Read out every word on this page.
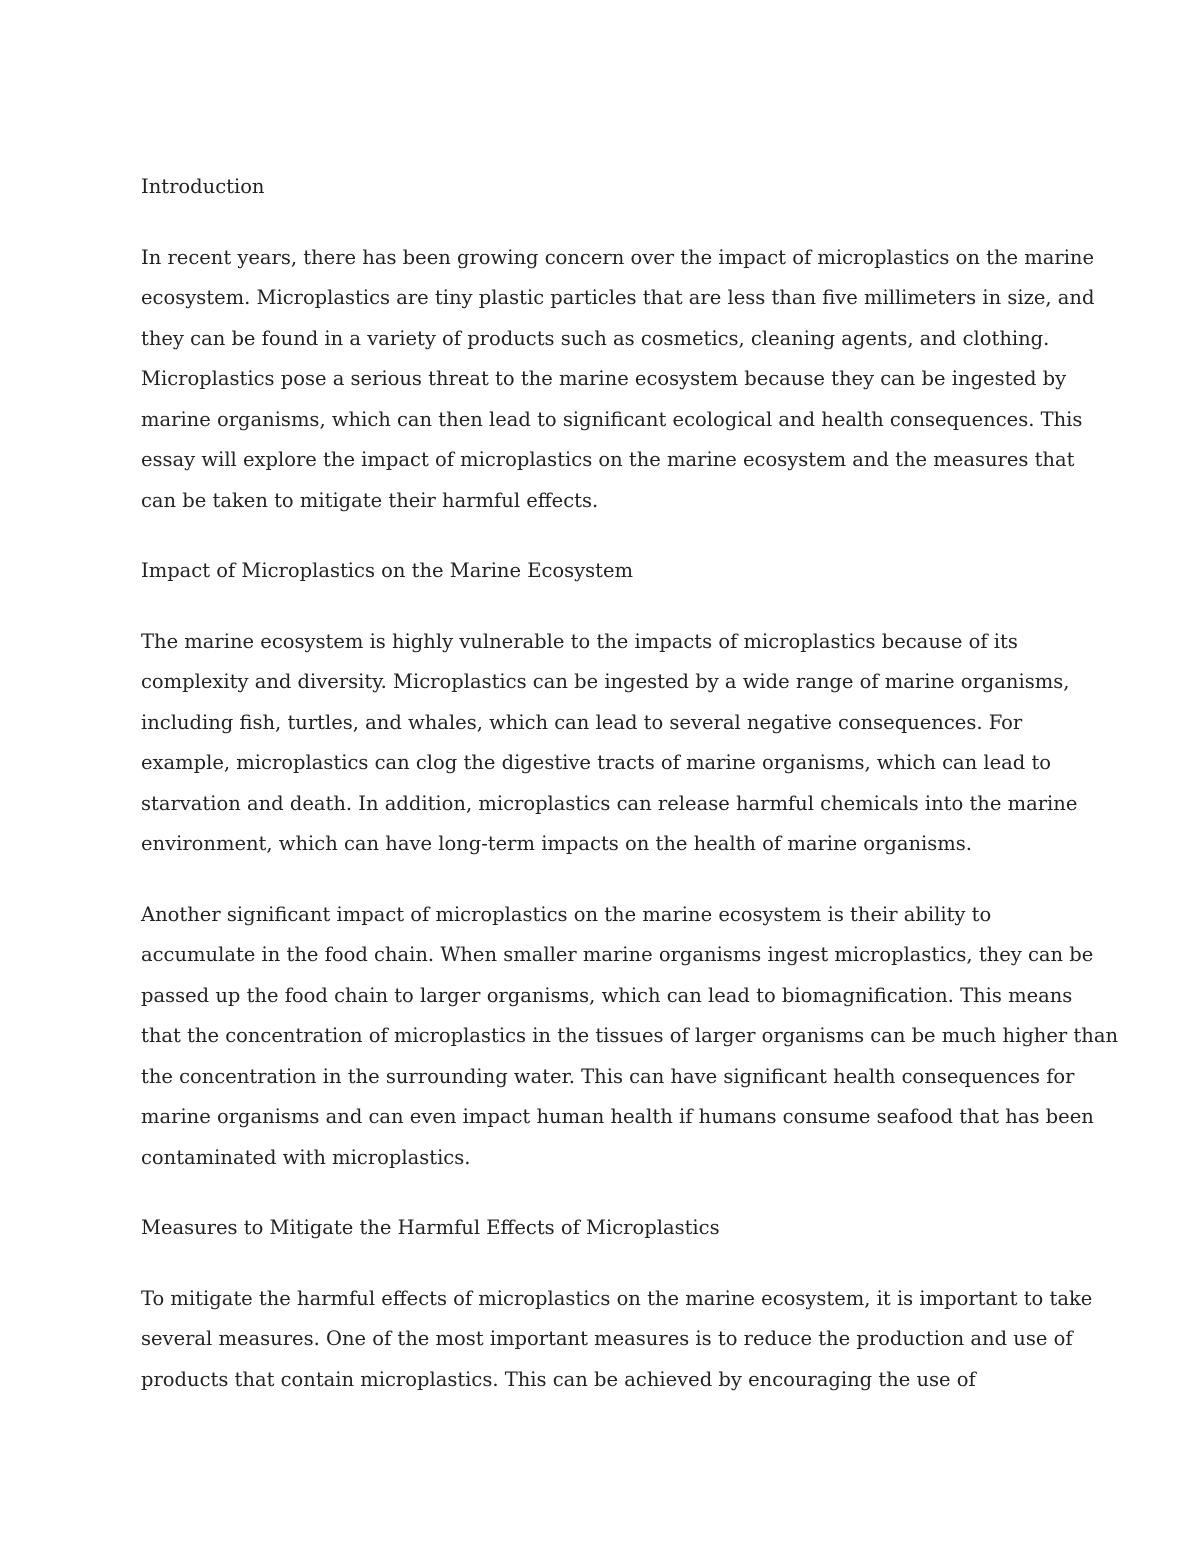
Introduction
In recent years, there has been growing concern over the impact of microplastics on the marine
ecosystem. Microplastics are tiny plastic particles that are less than five millimeters in size, and
they can be found in a variety of products such as cosmetics, cleaning agents, and clothing.
Microplastics pose a serious threat to the marine ecosystem because they can be ingested by
marine organisms, which can then lead to significant ecological and health consequences. This
essay will explore the impact of microplastics on the marine ecosystem and the measures that
can be taken to mitigate their harmful effects.
Impact of Microplastics on the Marine Ecosystem
The marine ecosystem is highly vulnerable to the impacts of microplastics because of its
complexity and diversity. Microplastics can be ingested by a wide range of marine organisms,
including fish, turtles, and whales, which can lead to several negative consequences. For
example, microplastics can clog the digestive tracts of marine organisms, which can lead to
starvation and death. In addition, microplastics can release harmful chemicals into the marine
environment, which can have long-term impacts on the health of marine organisms.
Another significant impact of microplastics on the marine ecosystem is their ability to
accumulate in the food chain. When smaller marine organisms ingest microplastics, they can be
passed up the food chain to larger organisms, which can lead to biomagnification. This means
that the concentration of microplastics in the tissues of larger organisms can be much higher than
the concentration in the surrounding water. This can have significant health consequences for
marine organisms and can even impact human health if humans consume seafood that has been
contaminated with microplastics.
Measures to Mitigate the Harmful Effects of Microplastics
To mitigate the harmful effects of microplastics on the marine ecosystem, it is important to take
several measures. One of the most important measures is to reduce the production and use of
products that contain microplastics. This can be achieved by encouraging the use of
